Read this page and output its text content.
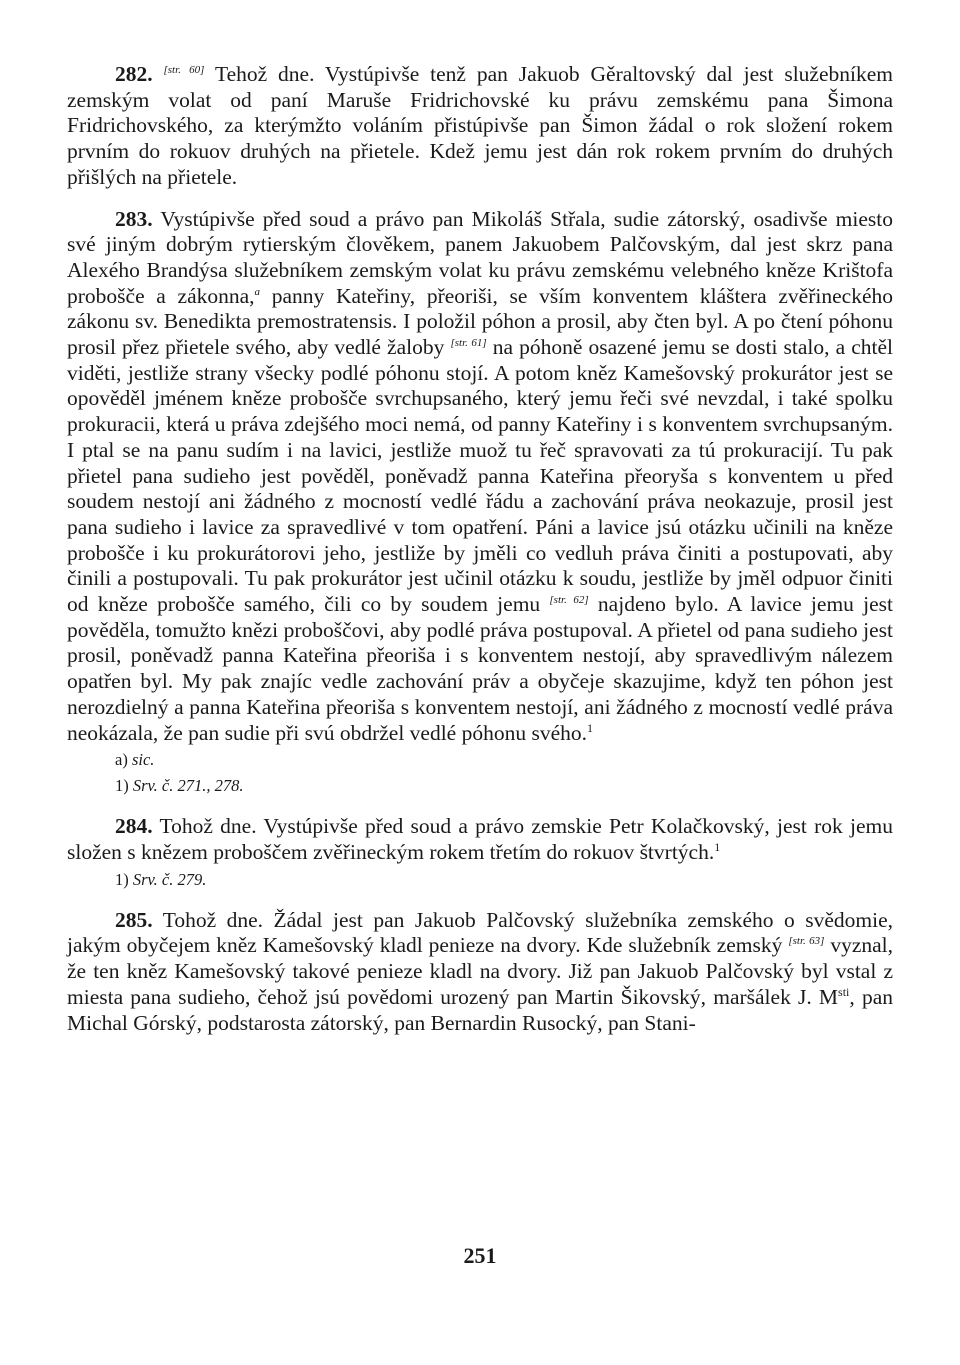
282. [str. 60] Tehož dne. Vystúpivše tenž pan Jakuob Gěraltovský dal jest služebníkem zemským volat od paní Maruše Fridrichovské ku právu zemskému pana Šimona Fridrichovského, za kterýmžto voláním přistúpivše pan Šimon žádal o rok složení rokem prvním do rokuov druhých na přietele. Kdež jemu jest dán rok rokem prvním do druhých přišlých na přietele.

283. Vystúpivše před soud a právo pan Mikoláš Střala, sudie zátorský, osadivše miesto své jiným dobrým rytierským člověkem, panem Jakuobem Palčovským, dal jest skrz pana Alexého Brandýsa služebníkem zemským volat ku právu zemskému velebného kněze Krištofa probošče a zákonna,$^a$ panny Kateřiny, přeoriši, se vším konventem kláštera zvěřineckého zákonu sv. Benedikta premostratensis. I položil póhon a prosil, aby čten byl. A po čtení póhonu prosil přez přietele svého, aby vedlé žaloby [str. 61] na póhoně osazené jemu se dosti stalo, a chtěl viděti, jestliže strany všecky podlé póhonu stojí. A potom kněz Kamešovský prokurátor jest se opověděl jménem kněze probošče svrchupsaného, který jemu řeči své nevzdal, i také spolku prokuracii, která u práva zdejšého moci nemá, od panny Kateřiny i s konventem svrchupsaným. I ptal se na panu sudím i na lavici, jestliže muož tu řeč spravovati za tú prokuracijí. Tu pak přietel pana sudieho jest pověděl, poněvadž panna Kateřina přeoryša s konventem u před soudem nestojí ani žádného z mocností vedlé řádu a zachování práva neokazuje, prosil jest pana sudieho i lavice za spravedlivé v tom opatření. Páni a lavice jsú otázku učinili na kněze probošče i ku prokurátorovi jeho, jestliže by jměli co vedluh práva činiti a postupovati, aby činili a postupovali. Tu pak prokurátor jest učinil otázku k soudu, jestliže by jměl odpuor činiti od kněze probošče samého, čili co by soudem jemu [str. 62] najdeno bylo. A lavice jemu jest pověděla, tomužto knězi proboščovi, aby podlé práva postupoval. A přietel od pana sudieho jest prosil, poněvadž panna Kateřina přeoriša i s konventem nestojí, aby spravedlivým nálezem opatřen byl. My pak znajíc vedle zachování práv a obyčeje skazujime, když ten póhon jest nerozdielný a panna Kateřina přeoriša s konventem nestojí, ani žádného z mocností vedlé práva neokázala, že pan sudie při svú obdržel vedlé póhonu svého.$^1$

a) sic.
1) Srv. č. 271., 278.

284. Tohož dne. Vystúpivše před soud a právo zemskie Petr Kolačkovský, jest rok jemu složen s knězem proboščem zvěřineckým rokem třetím do rokuov štvrtých.$^1$

1) Srv. č. 279.

285. Tohož dne. Žádal jest pan Jakuob Palčovský služebníka zemského o svědomie, jakým obyčejem kněz Kamešovský kladl penieze na dvory. Kde služebník zemský [str. 63] vyznal, že ten kněz Kamešovský takové penieze kladl na dvory. Již pan Jakuob Palčovský byl vstal z miesta pana sudieho, čehož jsú povědomi urozený pan Martin Šikovský, maršálek J. $M^{sti}$, pan Michal Górský, podstarosta zátorský, pan Bernardin Rusocký, pan Stani-

251
